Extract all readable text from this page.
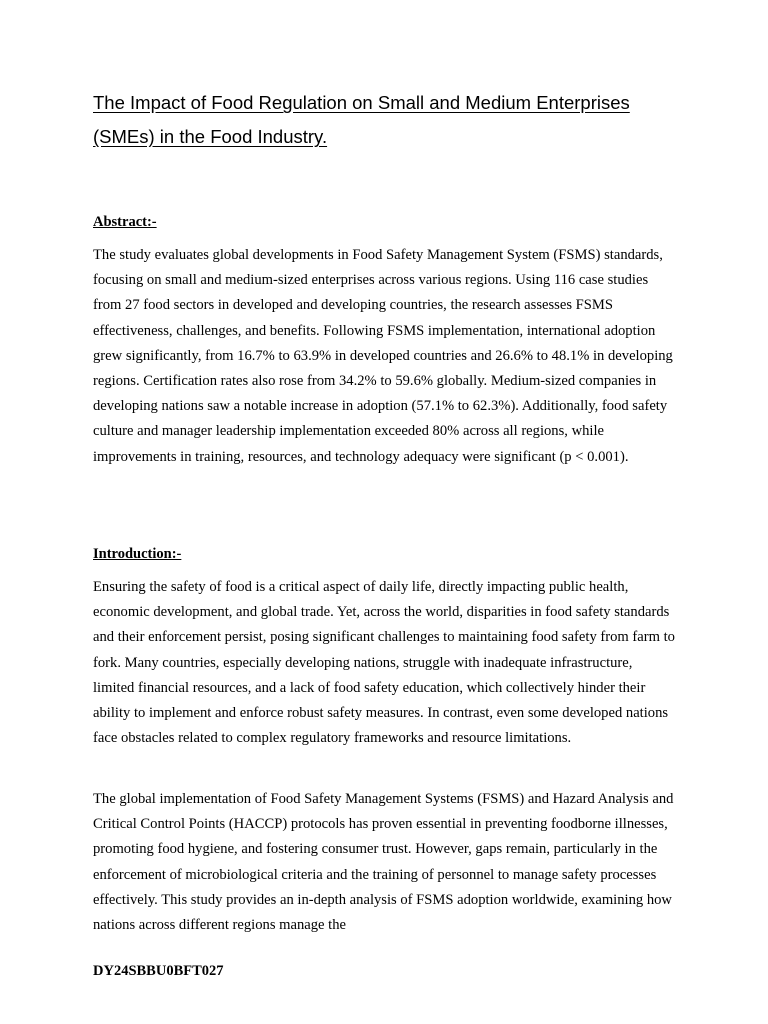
The Impact of Food Regulation on Small and Medium Enterprises (SMEs) in the Food Industry.
Abstract:-

The study evaluates global developments in Food Safety Management System (FSMS) standards, focusing on small and medium-sized enterprises across various regions. Using 116 case studies from 27 food sectors in developed and developing countries, the research assesses FSMS effectiveness, challenges, and benefits. Following FSMS implementation, international adoption grew significantly, from 16.7% to 63.9% in developed countries and 26.6% to 48.1% in developing regions. Certification rates also rose from 34.2% to 59.6% globally. Medium-sized companies in developing nations saw a notable increase in adoption (57.1% to 62.3%). Additionally, food safety culture and manager leadership implementation exceeded 80% across all regions, while improvements in training, resources, and technology adequacy were significant (p < 0.001).

Introduction:-

Ensuring the safety of food is a critical aspect of daily life, directly impacting public health, economic development, and global trade. Yet, across the world, disparities in food safety standards and their enforcement persist, posing significant challenges to maintaining food safety from farm to fork. Many countries, especially developing nations, struggle with inadequate infrastructure, limited financial resources, and a lack of food safety education, which collectively hinder their ability to implement and enforce robust safety measures. In contrast, even some developed nations face obstacles related to complex regulatory frameworks and resource limitations.

The global implementation of Food Safety Management Systems (FSMS) and Hazard Analysis and Critical Control Points (HACCP) protocols has proven essential in preventing foodborne illnesses, promoting food hygiene, and fostering consumer trust. However, gaps remain, particularly in the enforcement of microbiological criteria and the training of personnel to manage safety processes effectively. This study provides an in-depth analysis of FSMS adoption worldwide, examining how nations across different regions manage the

DY24SBBU0BFT027
